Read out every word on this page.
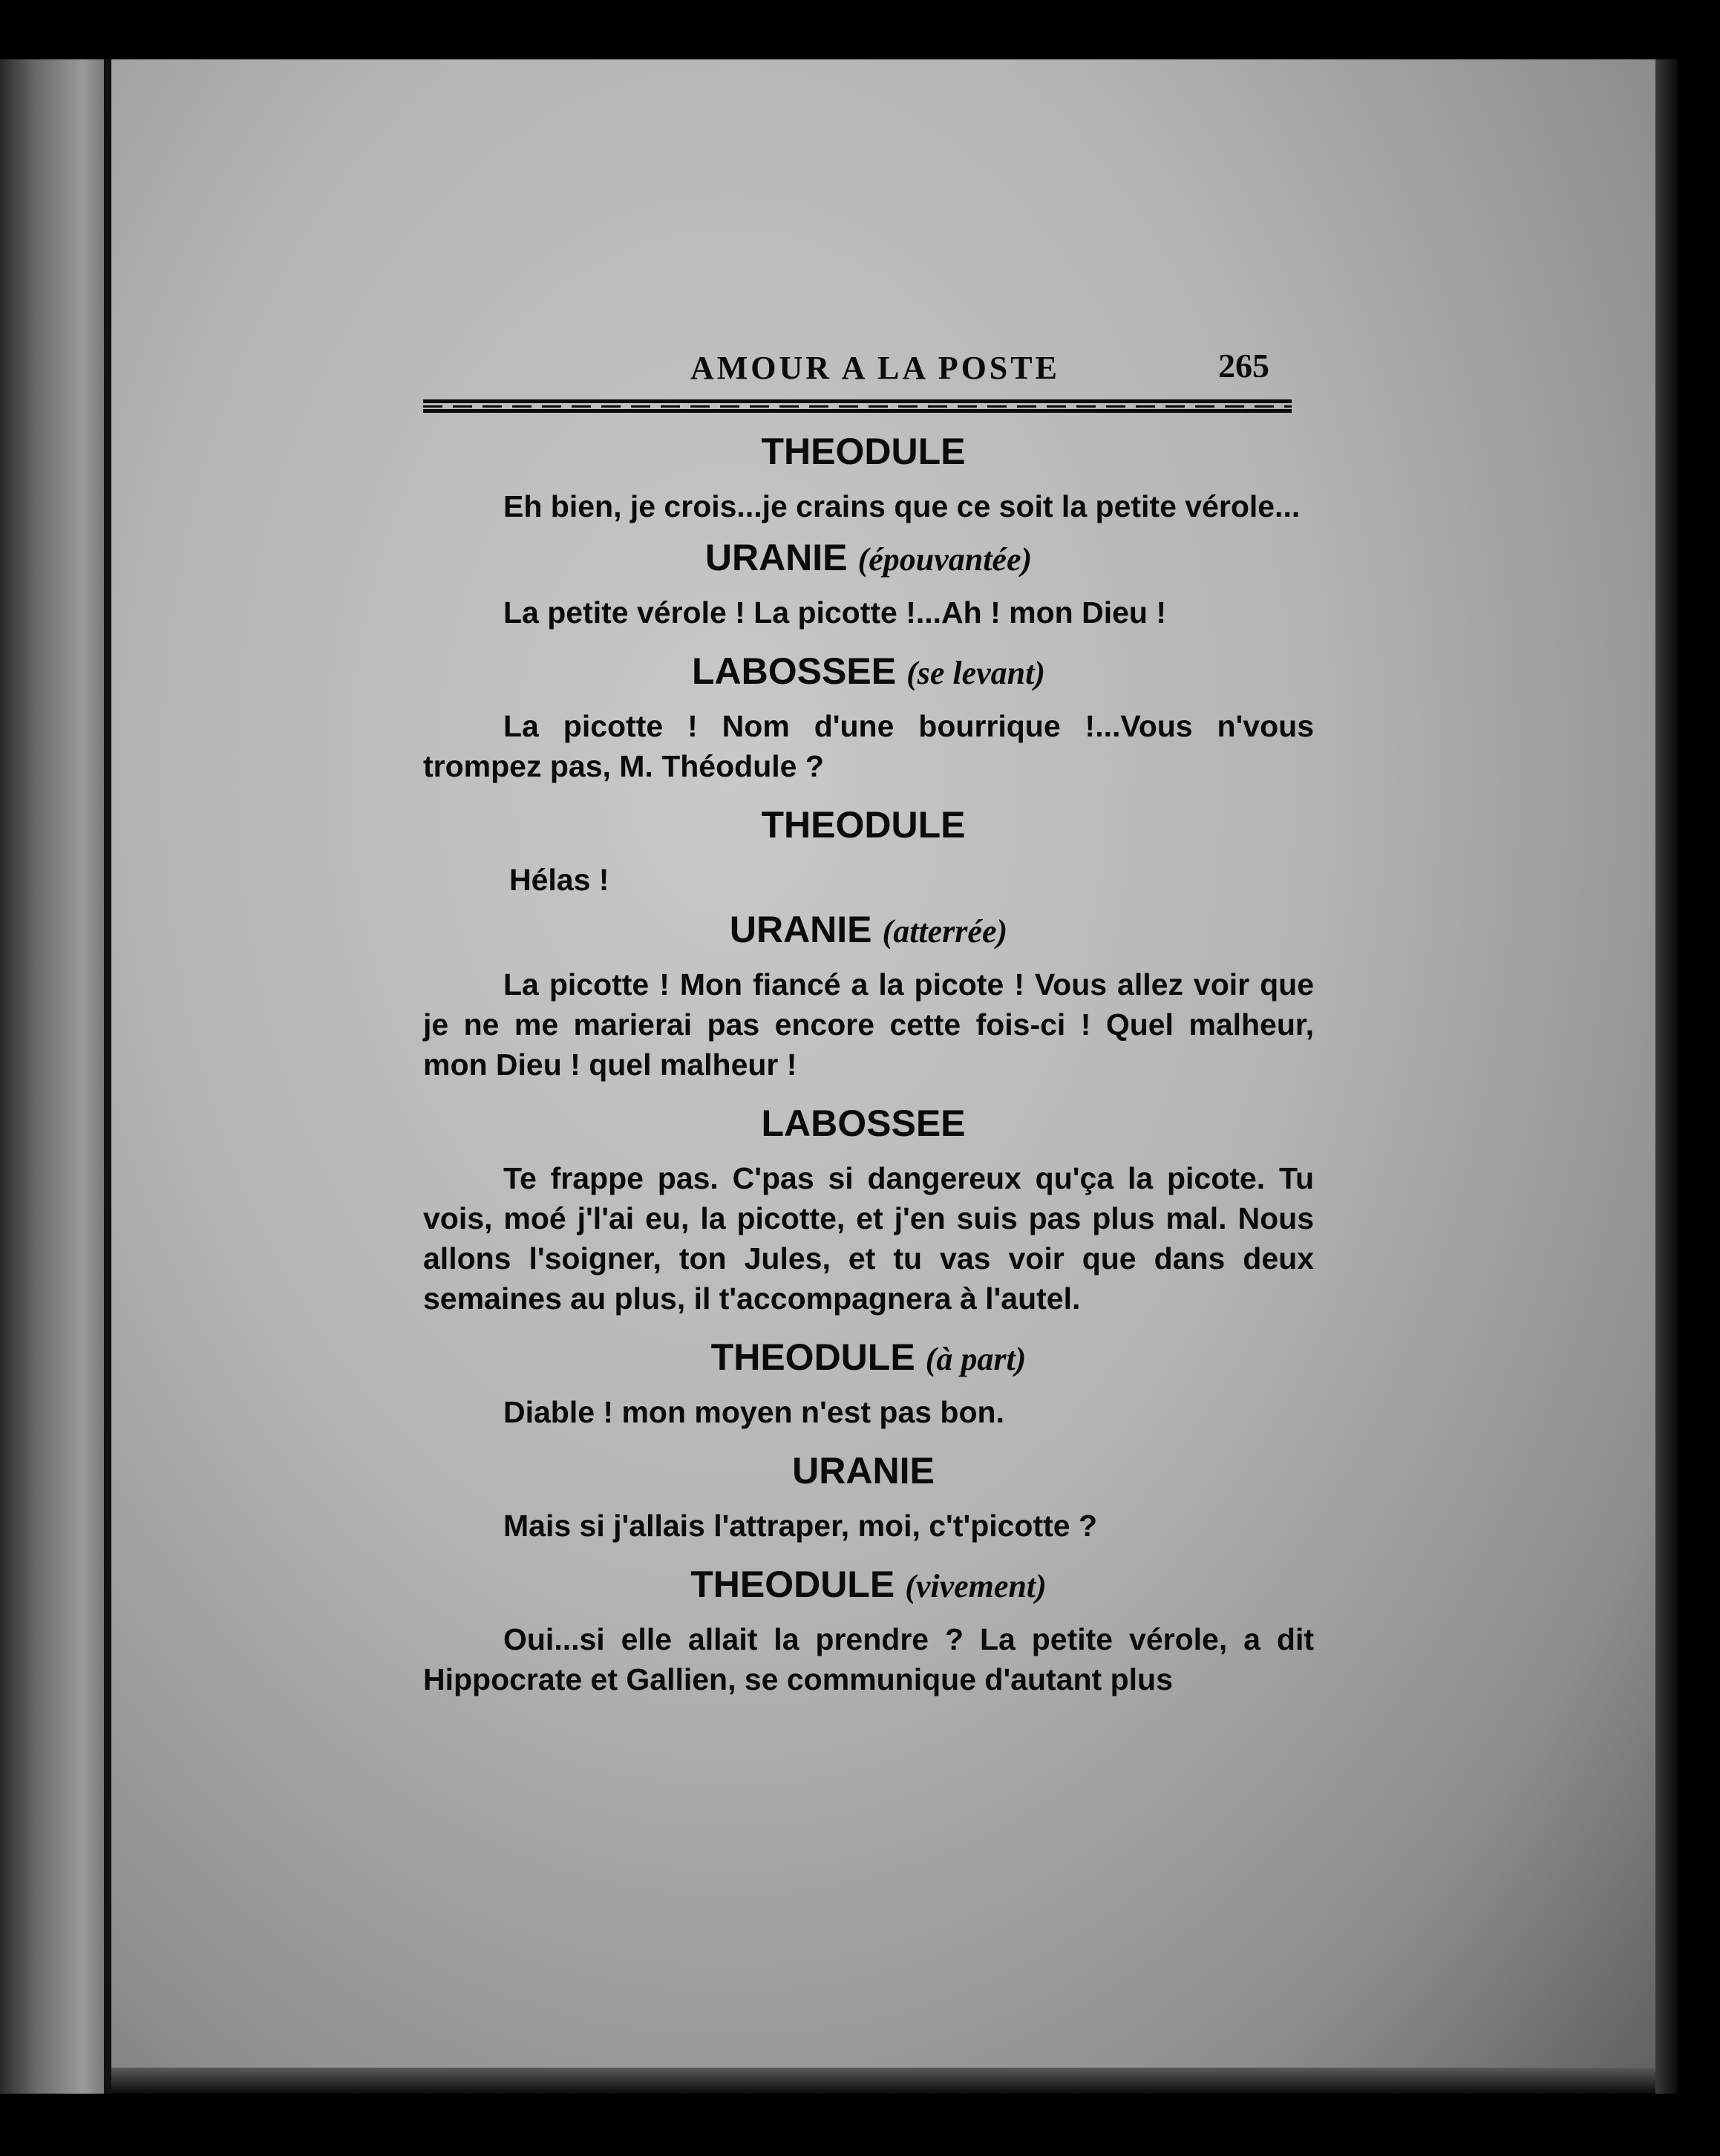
AMOUR A LA POSTE	265
THEODULE
Eh bien, je crois...je crains que ce soit la petite vérole...
URANIE (épouvantée)
La petite vérole ! La picotte !...Ah ! mon Dieu !
LABOSSEE (se levant)
La picotte ! Nom d'une bourrique !...Vous n'vous trompez pas, M. Théodule ?
THEODULE
Hélas !
URANIE (atterrée)
La picotte ! Mon fiancé a la picote ! Vous allez voir que je ne me marierai pas encore cette fois-ci ! Quel malheur, mon Dieu ! quel malheur !
LABOSSEE
Te frappe pas. C'pas si dangereux qu'ça la picote. Tu vois, moé j'l'ai eu, la picotte, et j'en suis pas plus mal. Nous allons l'soigner, ton Jules, et tu vas voir que dans deux semaines au plus, il t'accompagnera à l'autel.
THEODULE (à part)
Diable ! mon moyen n'est pas bon.
URANIE
Mais si j'allais l'attraper, moi, c't'picotte ?
THEODULE (vivement)
Oui...si elle allait la prendre ? La petite vérole, a dit Hippocrate et Gallien, se communique d'autant plus
